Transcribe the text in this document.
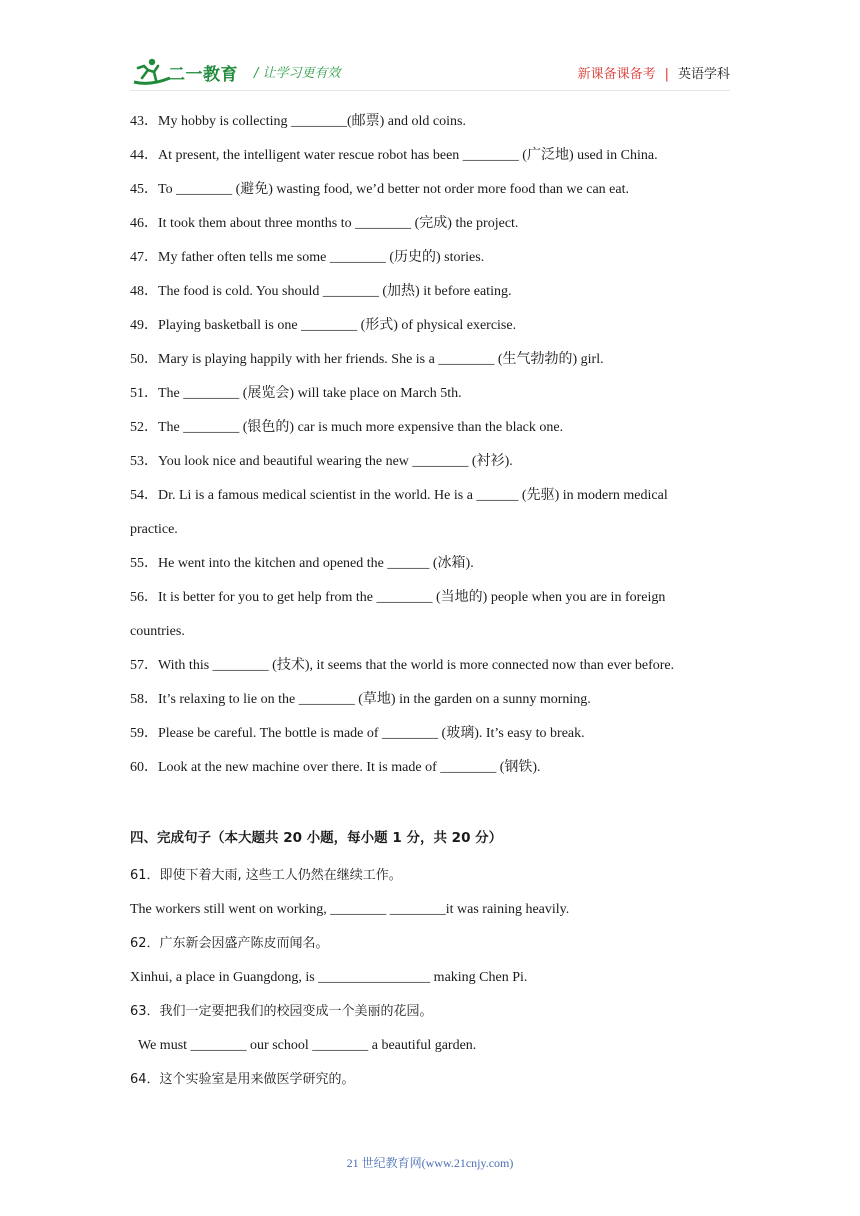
二一教育 / 让学习更有效	新课备课备考 | 英语学科
43．My hobby is collecting ________(邮票) and old coins.
44．At present, the intelligent water rescue robot has been ________ (广泛地) used in China.
45．To ________ (避免) wasting food, we’d better not order more food than we can eat.
46．It took them about three months to ________ (完成) the project.
47．My father often tells me some ________ (历史的) stories.
48．The food is cold. You should ________ (加热) it before eating.
49．Playing basketball is one ________ (形式) of physical exercise.
50．Mary is playing happily with her friends. She is a ________ (生气勃勃的) girl.
51．The ________ (展览会) will take place on March 5th.
52．The ________ (银色的) car is much more expensive than the black one.
53．You look nice and beautiful wearing the new ________ (衬衫).
54．Dr. Li is a famous medical scientist in the world. He is a ______ (先驱) in modern medical
practice.
55．He went into the kitchen and opened the ______ (冰箱).
56．It is better for you to get help from the ________ (当地的) people when you are in foreign
countries.
57．With this ________ (技术), it seems that the world is more connected now than ever before.
58．It’s relaxing to lie on the ________ (草地) in the garden on a sunny morning.
59．Please be careful. The bottle is made of ________ (玻璃). It’s easy to break.
60．Look at the new machine over there. It is made of ________ (钢铁).
四、完成句子（本大题共 20 小题，每小题 1 分，共 20 分）
61．即使下着大雨, 这些工人仍然在继续工作。
The workers still went on working, ________ ________it was raining heavily.
62．广东新会因盛产陈皮而闻名。
Xinhui, a place in Guangdong, is ________________ making Chen Pi.
63．我们一定要把我们的校园变成一个美丽的花园。
We must ________ our school ________ a beautiful garden.
64．这个实验室是用来做医学研究的。
21 世纪教育网(www.21cnjy.com)
